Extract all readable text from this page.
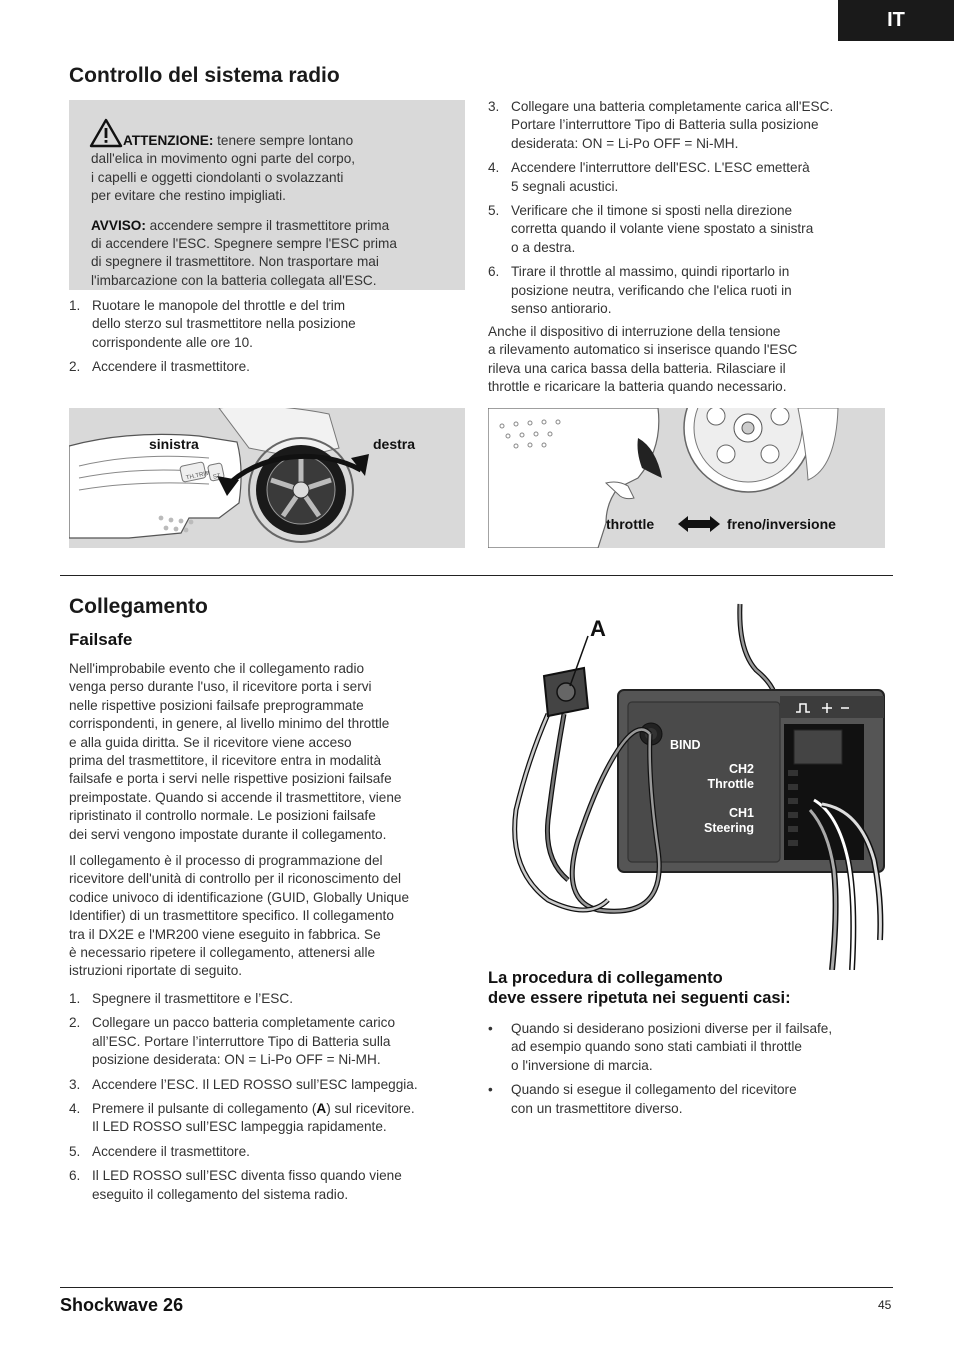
IT
Controllo del sistema radio

ATTENZIONE: tenere sempre lontano
dall'elica in movimento ogni parte del corpo,
i capelli e oggetti ciondolanti o svolazzanti
per evitare che restino impigliati.

AVVISO: accendere sempre il trasmettitore prima
di accendere l'ESC. Spegnere sempre l'ESC prima
di spegnere il trasmettitore. Non trasportare mai
l'imbarcazione con la batteria collegata all'ESC.

1. Ruotare le manopole del throttle e del trim
dello sterzo sul trasmettitore nella posizione
corrispondente alle ore 10.
2. Accendere il trasmettitore.
3. Collegare una batteria completamente carica all'ESC.
Portare l’interruttore Tipo di Batteria sulla posizione
desiderata: ON = Li-Po OFF = Ni-MH.
4. Accendere l'interruttore dell'ESC. L'ESC emetterà
5 segnali acustici.
5. Verificare che il timone si sposti nella direzione
corretta quando il volante viene spostato a sinistra
o a destra.
6. Tirare il throttle al massimo, quindi riportarlo in
posizione neutra, verificando che l'elica ruoti in
senso antiorario.

Anche il dispositivo di interruzione della tensione
a rilevamento automatico si inserisce quando l'ESC
rileva una carica bassa della batteria. Rilasciare il
throttle e ricaricare la batteria quando necessario.

TH.TRIM ST
sinistra	destra
throttle	freno/inversione
Collegamento
Failsafe

Nell'improbabile evento che il collegamento radio
venga perso durante l'uso, il ricevitore porta i servi
nelle rispettive posizioni failsafe preprogrammate
corrispondenti, in genere, al livello minimo del throttle
e alla guida diritta. Se il ricevitore viene acceso
prima del trasmettitore, il ricevitore entra in modalità
failsafe e porta i servi nelle rispettive posizioni failsafe
preimpostate. Quando si accende il trasmettitore, viene
ripristinato il controllo normale. Le posizioni failsafe
dei servi vengono impostate durante il collegamento.

Il collegamento è il processo di programmazione del
ricevitore dell'unità di controllo per il riconoscimento del
codice univoco di identificazione (GUID, Globally Unique
Identifier) di un trasmettitore specifico. Il collegamento
tra il DX2E e l'MR200 viene eseguito in fabbrica. Se
è necessario ripetere il collegamento, attenersi alle
istruzioni riportate di seguito.

1. Spegnere il trasmettitore e l’ESC.
2. Collegare un pacco batteria completamente carico
all’ESC. Portare l’interruttore Tipo di Batteria sulla
posizione desiderata: ON = Li-Po OFF = Ni-MH.
3. Accendere l’ESC. Il LED ROSSO sull’ESC lampeggia.
4. Premere il pulsante di collegamento (A) sul ricevitore.
Il LED ROSSO sull’ESC lampeggia rapidamente.
5. Accendere il trasmettitore.
6. Il LED ROSSO sull’ESC diventa fisso quando viene
eseguito il collegamento del sistema radio.
A
BIND
CH2
Throttle
CH1
Steering
La procedura di collegamento
deve essere ripetuta nei seguenti casi:
•	Quando si desiderano posizioni diverse per il failsafe,
ad esempio quando sono stati cambiati il throttle
o l'inversione di marcia.
•	Quando si esegue il collegamento del ricevitore
con un trasmettitore diverso.
Shockwave 26	45
